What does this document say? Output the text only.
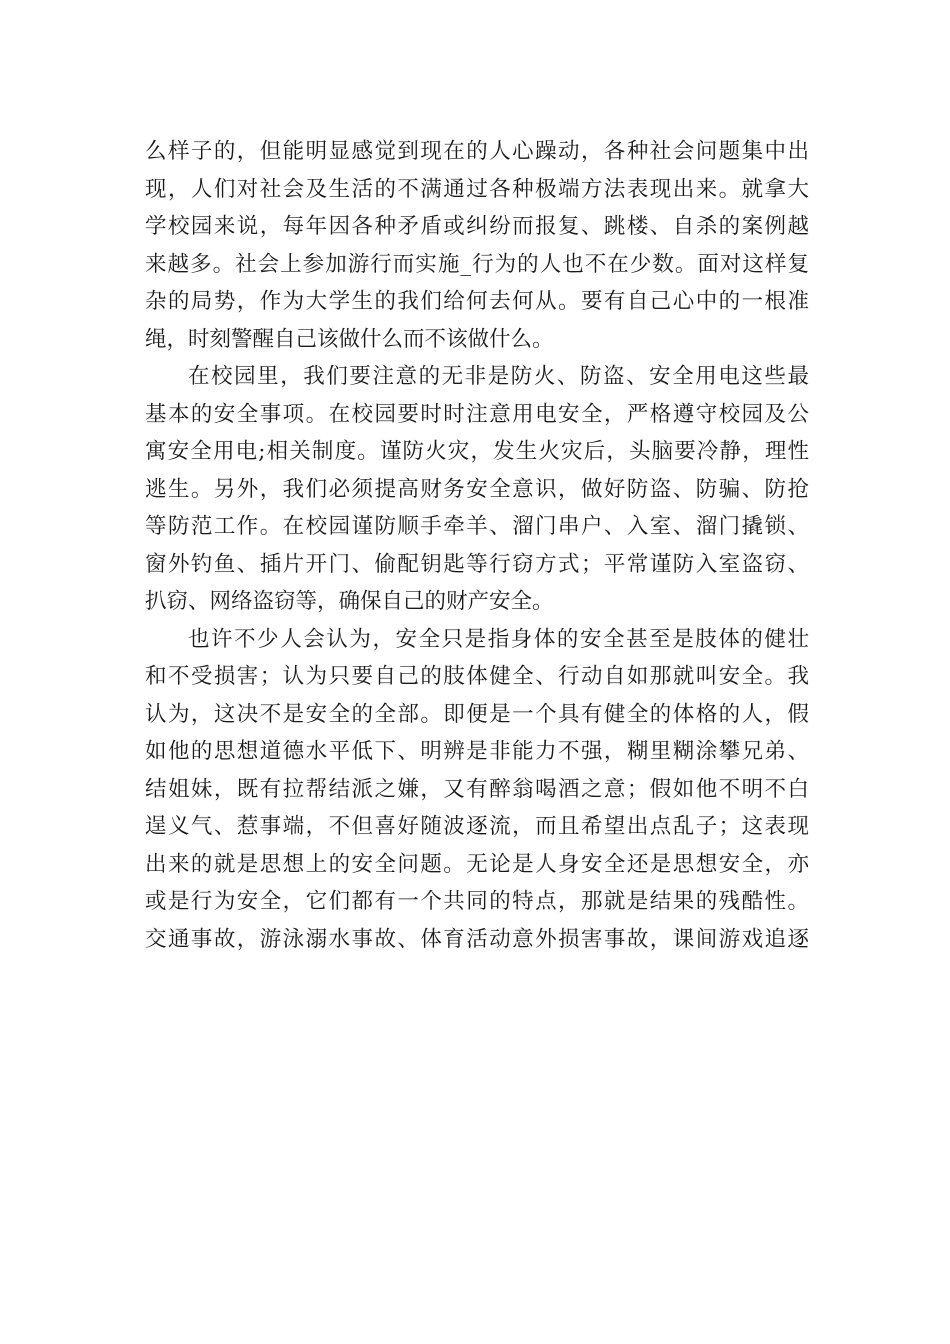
么样子的，但能明显感觉到现在的人心躁动，各种社会问题集中出
现，人们对社会及生活的不满通过各种极端方法表现出来。就拿大
学校园来说，每年因各种矛盾或纠纷而报复、跳楼、自杀的案例越
来越多。社会上参加游行而实施_行为的人也不在少数。面对这样复
杂的局势，作为大学生的我们给何去何从。要有自己心中的一根准
绳，时刻警醒自己该做什么而不该做什么。
在校园里，我们要注意的无非是防火、防盗、安全用电这些最
基本的安全事项。在校园要时时注意用电安全，严格遵守校园及公
寓安全用电;相关制度。谨防火灾，发生火灾后，头脑要冷静，理性
逃生。另外，我们必须提高财务安全意识，做好防盗、防骗、防抢
等防范工作。在校园谨防顺手牵羊、溜门串户、入室、溜门撬锁、
窗外钓鱼、插片开门、偷配钥匙等行窃方式；平常谨防入室盗窃、
扒窃、网络盗窃等，确保自己的财产安全。
也许不少人会认为，安全只是指身体的安全甚至是肢体的健壮
和不受损害；认为只要自己的肢体健全、行动自如那就叫安全。我
认为，这决不是安全的全部。即便是一个具有健全的体格的人，假
如他的思想道德水平低下、明辨是非能力不强，糊里糊涂攀兄弟、
结姐妹，既有拉帮结派之嫌，又有醉翁喝酒之意；假如他不明不白
逞义气、惹事端，不但喜好随波逐流，而且希望出点乱子；这表现
出来的就是思想上的安全问题。无论是人身安全还是思想安全，亦
或是行为安全，它们都有一个共同的特点，那就是结果的残酷性。
交通事故，游泳溺水事故、体育活动意外损害事故，课间游戏追逐
